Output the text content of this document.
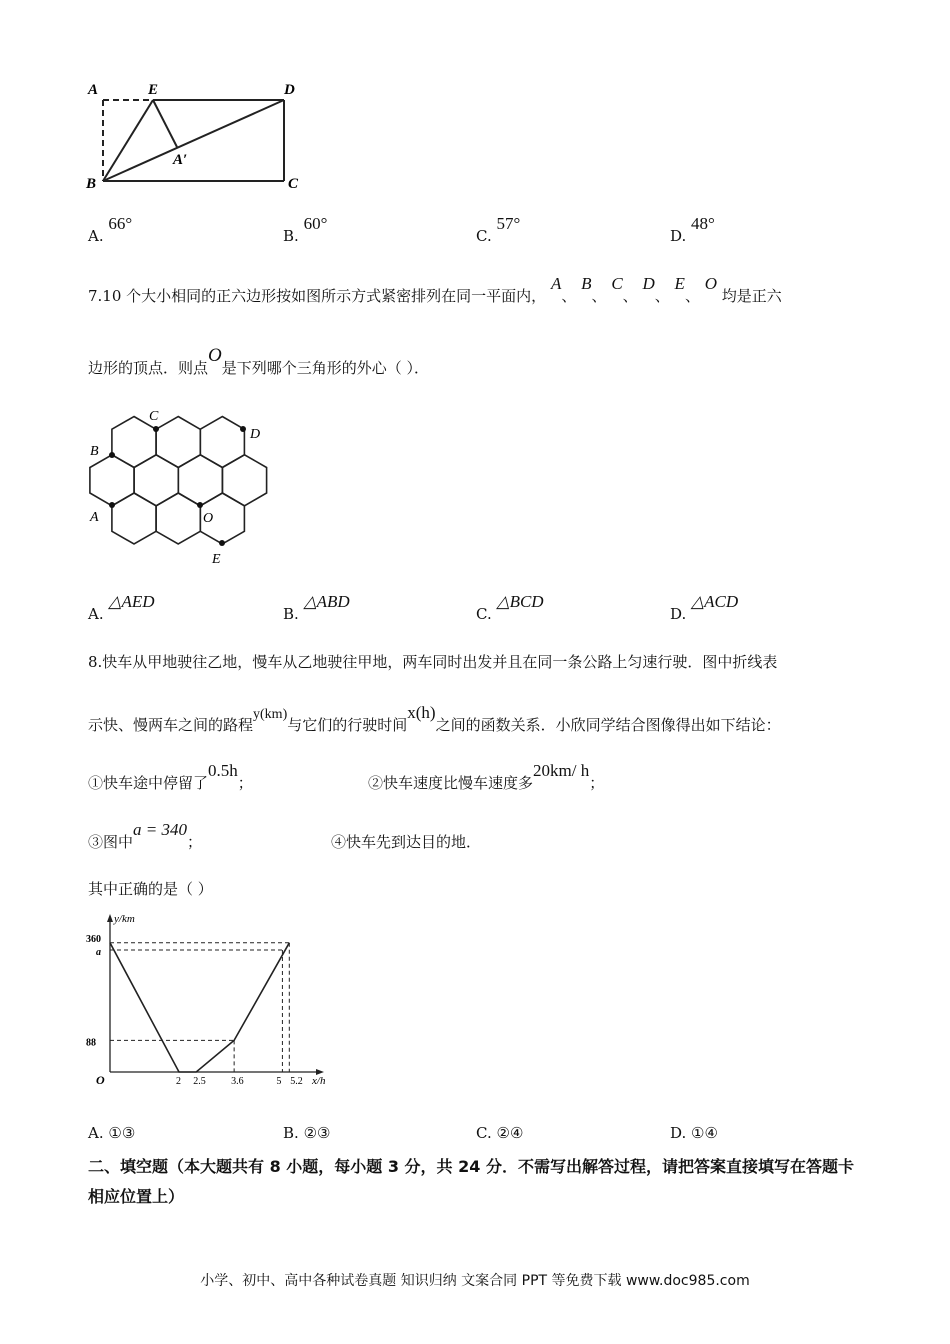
A	E	D
B	C
A′
A. 66°
B. 60°
C. 57°
D. 48°
7.10 个大小相同的正六边形按如图所示方式紧密排列在同一平面内， A、 B、 C、 D、 E、 O 均是正六
边形的顶点．则点O是下列哪个三角形的外心（ ）．
C
D
B
A	O
E
A. △AED
B. △ABD
C. △BCD
D. △ACD
8.快车从甲地驶往乙地，慢车从乙地驶往甲地，两车同时出发并且在同一条公路上匀速行驶．图中折线表
示快、慢两车之间的路程y(km)与它们的行驶时间x(h)之间的函数关系．小欣同学结合图像得出如下结论：
①快车途中停留了0.5h；	②快车速度比慢车速度多20km/ h；
③图中a = 340；	④快车先到达目的地．
其中正确的是（ ）
2 2.5	3.6	5 5.2
88
a
360
y/km
x/h
O
A. ①③	B. ②③	C. ②④	D. ①④
二、填空题（本大题共有 8 小题，每小题 3 分，共 24 分．不需写出解答过程，请把答案直接填写在答题卡相应位置上）
小学、初中、高中各种试卷真题 知识归纳 文案合同 PPT 等免费下载 www.doc985.com
